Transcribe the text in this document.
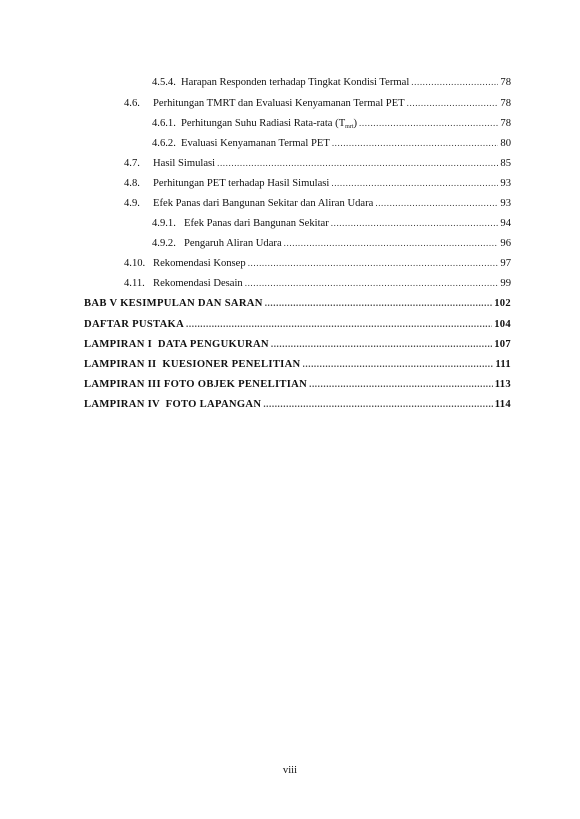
4.5.4. Harapan Responden terhadap Tingkat Kondisi Termal .....	78
4.6.	Perhitungan TMRT dan Evaluasi Kenyamanan Termal PET .....	78
4.6.1. Perhitungan Suhu Radiasi Rata-rata $(T_{mrt})$ .....	78
4.6.2. Evaluasi Kenyamanan Termal PET .....	80
4.7.	Hasil Simulasi .....	85
4.8.	Perhitungan PET terhadap Hasil Simulasi .....	93
4.9.	Efek Panas dari Bangunan Sekitar dan Aliran Udara .....	93
4.9.1. Efek Panas dari Bangunan Sekitar .....	94
4.9.2. Pengaruh Aliran Udara .....	96
4.10. Rekomendasi Konsep .....	97
4.11. Rekomendasi Desain .....	99
BAB V KESIMPULAN DAN SARAN .....	102
DAFTAR PUSTAKA .....	104
LAMPIRAN I  DATA PENGUKURAN .....	107
LAMPIRAN II  KUESIONER PENELITIAN .....	111
LAMPIRAN III FOTO OBJEK PENELITIAN .....	113
LAMPIRAN IV  FOTO LAPANGAN .....	114
viii
